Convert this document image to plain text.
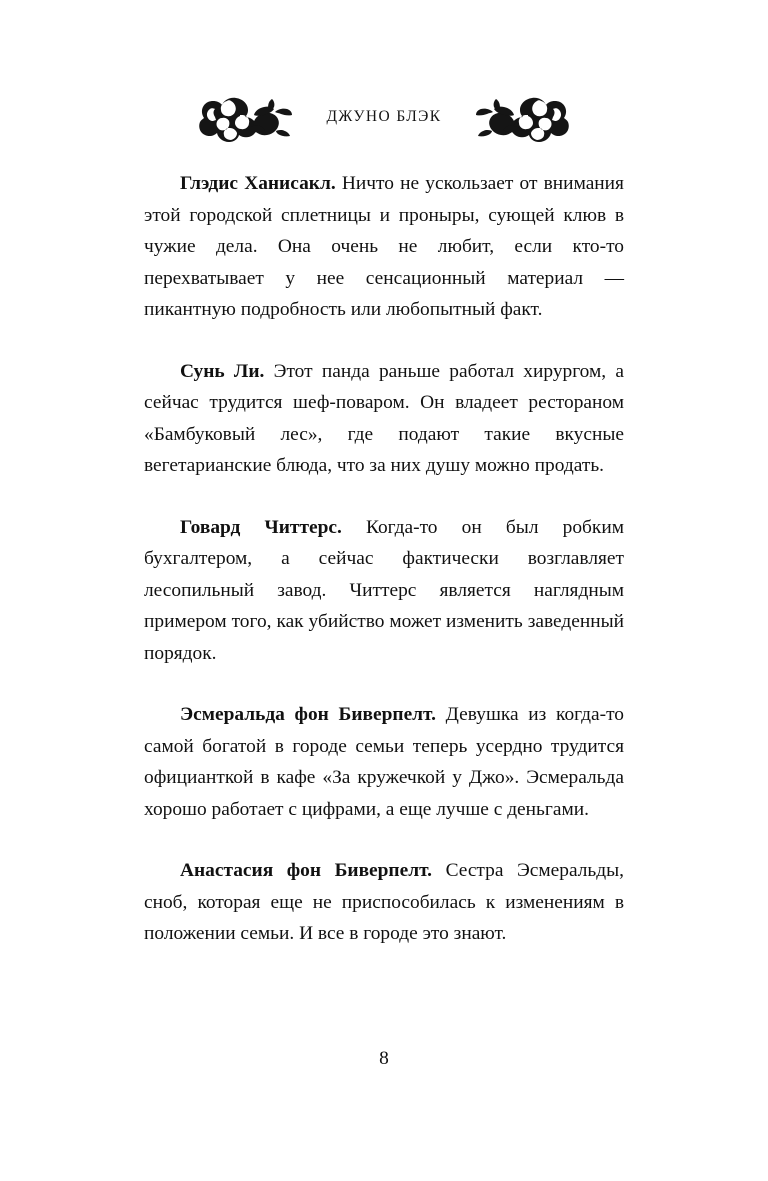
ДЖУНО БЛЭК

Глэдис Ханисакл. Ничто не ускользает от внимания этой городской сплетницы и проныры, сующей клюв в чужие дела. Она очень не любит, если кто-то перехватывает у нее сенсационный материал — пикантную подробность или любопытный факт.

Сунь Ли. Этот панда раньше работал хирургом, а сейчас трудится шеф-поваром. Он владеет рестораном «Бамбуковый лес», где подают такие вкусные вегетарианские блюда, что за них душу можно продать.

Говард Читтерс. Когда-то он был робким бухгалтером, а сейчас фактически возглавляет лесопильный завод. Читтерс является наглядным примером того, как убийство может изменить заведенный порядок.

Эсмеральда фон Биверпелт. Девушка из когда-то самой богатой в городе семьи теперь усердно трудится официанткой в кафе «За кружечкой у Джо». Эсмеральда хорошо работает с цифрами, а еще лучше с деньгами.

Анастасия фон Биверпелт. Сестра Эсмеральды, сноб, которая еще не приспособилась к изменениям в положении семьи. И все в городе это знают.

8
